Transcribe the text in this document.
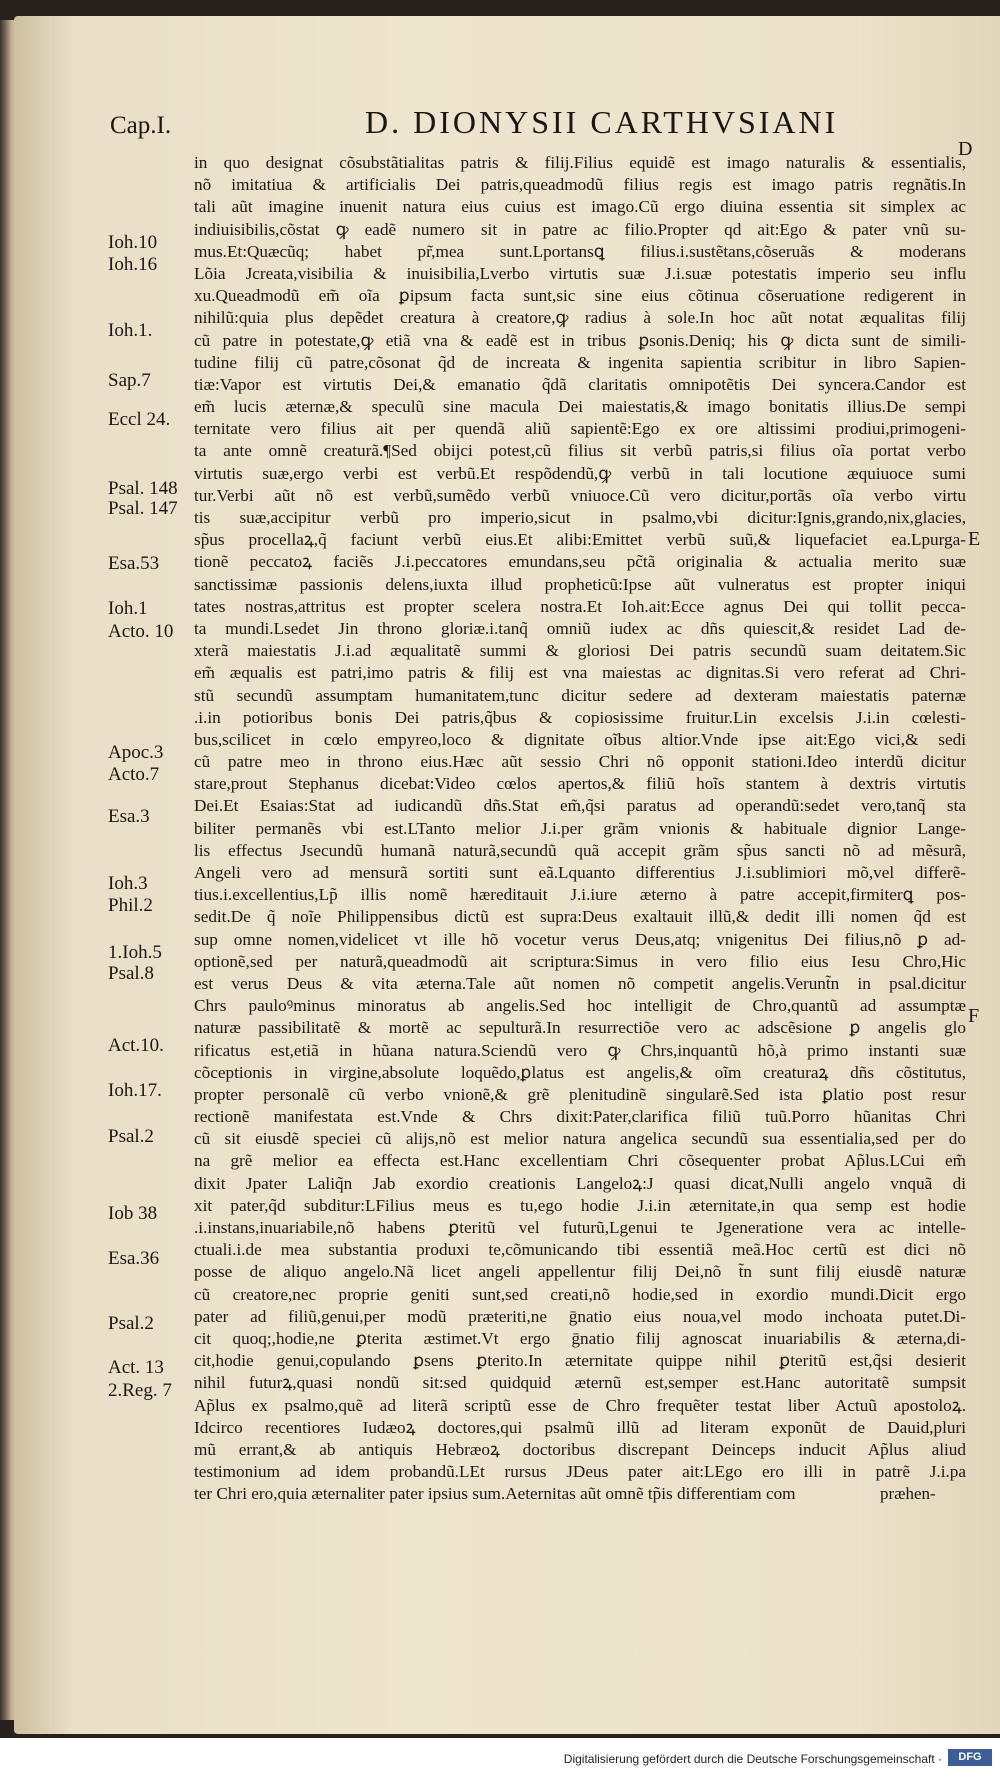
Cap.I.	D. DIONYSII CARTHVSIANI
D
E
F
Ioh.10
Ioh.16
Ioh.1.
Sap.7
Eccl 24.
Psal. 148
Psal. 147
Esa.53
Ioh.1
Acto. 10
Apoc.3
Acto.7
Esa.3
Ioh.3
Phil.2
1.Ioh.5
Psal.8
Act.10.
Ioh.17.
Psal.2
Iob 38
Esa.36
Psal.2
Act. 13
2.Reg. 7
in quo designat cõsubstãtialitas patris & filij.Filius equidẽ est imago naturalis & essentialis,
nõ imitatiua & artificialis Dei patris,queadmodũ filius regis est imago patris regnãtis.In
tali aũt imagine inuenit natura eius cuius est imago.Cũ ergo diuina essentia sit simplex ac
indiuisibilis,cõstat ꝙ eadẽ numero sit in patre ac filio.Propter qd ait:Ego & pater vnũ su-
mus.Et:Quæcũq; habet pr̃,mea sunt.Lportansꝗ filius.i.sustẽtans,cõseruãs & moderans
Lõia Jcreata,visibilia & inuisibilia,Lverbo virtutis suæ J.i.suæ potestatis imperio seu influ
xu.Queadmodũ em̃ oĩa ꝑipsum facta sunt,sic sine eius cõtinua cõseruatione redigerent in
nihilũ:quia plus depẽdet creatura à creatore,ꝙ radius à sole.In hoc aũt notat æqualitas filij
cũ patre in potestate,ꝙ etiã vna & eadẽ est in tribus ꝑsonis.Deniq; his ꝙ dicta sunt de simili-
tudine filij cũ patre,cõsonat q̃d de increata & ingenita sapientia scribitur in libro Sapien-
tiæ:Vapor est virtutis Dei,& emanatio q̃dã claritatis omnipotẽtis Dei syncera.Candor est
em̃ lucis æternæ,& speculũ sine macula Dei maiestatis,& imago bonitatis illius.De sempi
ternitate vero filius ait per quendã aliũ sapientẽ:Ego ex ore altissimi prodiui,primogeni-
ta ante omnẽ creaturã.¶Sed obijci potest,cũ filius sit verbũ patris,si filius oĩa portat verbo
virtutis suæ,ergo verbi est verbũ.Et respõdendũ,ꝙ verbũ in tali locutione æquiuoce sumi
tur.Verbi aũt nõ est verbũ,sumẽdo verbũ vniuoce.Cũ vero dicitur,portãs oĩa verbo virtu
tis suæ,accipitur verbũ pro imperio,sicut in psalmo,vbi dicitur:Ignis,grando,nix,glacies,
sp̃us procellaꝝ,q̃ faciunt verbũ eius.Et alibi:Emittet verbũ suũ,& liquefaciet ea.Lpurga-
tionẽ peccatoꝝ faciẽs J.i.peccatores emundans,seu pc̃tã originalia & actualia merito suæ
sanctissimæ passionis delens,iuxta illud propheticũ:Ipse aũt vulneratus est propter iniqui
tates nostras,attritus est propter scelera nostra.Et Ioh.ait:Ecce agnus Dei qui tollit pecca-
ta mundi.Lsedet Jin throno gloriæ.i.tanq̃ omniũ iudex ac dñs quiescit,& residet Lad de-
xterã maiestatis J.i.ad æqualitatẽ summi & gloriosi Dei patris secundũ suam deitatem.Sic
em̃ æqualis est patri,imo patris & filij est vna maiestas ac dignitas.Si vero referat ad Chri-
stũ secundũ assumptam humanitatem,tunc dicitur sedere ad dexteram maiestatis paternæ
.i.in potioribus bonis Dei patris,q̃bus & copiosissime fruitur.Lin excelsis J.i.in cœlesti-
bus,scilicet in cœlo empyreo,loco & dignitate oĩbus altior.Vnde ipse ait:Ego vici,& sedi
cũ patre meo in throno eius.Hæc aũt sessio Chri nõ opponit stationi.Ideo interdũ dicitur
stare,prout Stephanus dicebat:Video cœlos apertos,& filiũ hoĩs stantem à dextris virtutis
Dei.Et Esaias:Stat ad iudicandũ dñs.Stat em̃,q̃si paratus ad operandũ:sedet vero,tanq̃ sta
biliter permanẽs vbi est.LTanto melior J.i.per grãm vnionis & habituale dignior Lange-
lis effectus Jsecundũ humanã naturã,secundũ quã accepit grãm sp̃us sancti nõ ad mẽsurã,
Angeli vero ad mensurã sortiti sunt eã.Lquanto differentius J.i.sublimiori mõ,vel differẽ-
tius.i.excellentius,Lp̃ illis nomẽ hæreditauit J.i.iure æterno à patre accepit,firmiterꝗ pos-
sedit.De q̃ noĩe Philippensibus dictũ est supra:Deus exaltauit illũ,& dedit illi nomen q̃d est
sup omne nomen,videlicet vt ille hõ vocetur verus Deus,atq; vnigenitus Dei filius,nõ ꝑ ad-
optionẽ,sed per naturã,queadmodũ ait scriptura:Simus in vero filio eius Iesu Chro,Hic
est verus Deus & vita æterna.Tale aũt nomen nõ competit angelis.Verunt̃n in psal.dicitur
Chrs pauloꝰminus minoratus ab angelis.Sed hoc intelligit de Chro,quantũ ad assumptæ
naturæ passibilitatẽ & mortẽ ac sepulturã.In resurrectiõe vero ac adscẽsione ꝑ angelis glo
rificatus est,etiã in hũana natura.Sciendũ vero ꝙ Chrs,inquantũ hõ,à primo instanti suæ
cõceptionis in virgine,absolute loquẽdo,ꝑlatus est angelis,& oĩm creaturaꝝ dñs cõstitutus,
propter personalẽ cũ verbo vnionẽ,& grẽ plenitudinẽ singularẽ.Sed ista ꝑlatio post resur
rectionẽ manifestata est.Vnde & Chrs dixit:Pater,clarifica filiũ tuũ.Porro hũanitas Chri
cũ sit eiusdẽ speciei cũ alijs,nõ est melior natura angelica secundũ sua essentialia,sed per do
na grẽ melior ea effecta est.Hanc excellentiam Chri cõsequenter probat Ap̃lus.LCui em̃
dixit Jpater Laliq̃n Jab exordio creationis Langeloꝝ:J quasi dicat,Nulli angelo vnquã di
xit pater,q̃d subditur:LFilius meus es tu,ego hodie J.i.in æternitate,in qua semp est hodie
.i.instans,inuariabile,nõ habens ꝑteritũ vel futurũ,Lgenui te Jgeneratione vera ac intelle-
ctuali.i.de mea substantia produxi te,cõmunicando tibi essentiã meã.Hoc certũ est dici nõ
posse de aliquo angelo.Nã licet angeli appellentur filij Dei,nõ t̃n sunt filij eiusdẽ naturæ
cũ creatore,nec proprie geniti sunt,sed creati,nõ hodie,sed in exordio mundi.Dicit ergo
pater ad filiũ,genui,per modũ præteriti,ne ḡnatio eius noua,vel modo inchoata putet.Di-
cit quoq;,hodie,ne ꝑterita æstimet.Vt ergo ḡnatio filij agnoscat inuariabilis & æterna,di-
cit,hodie genui,copulando ꝑsens ꝑterito.In æternitate quippe nihil ꝑteritũ est,q̃si desierit
nihil futurꝝ,quasi nondũ sit:sed quidquid æternũ est,semper est.Hanc autoritatẽ sumpsit
Ap̃lus ex psalmo,quẽ ad literã scriptũ esse de Chro frequẽter testat liber Actuũ apostoloꝝ.
Idcirco recentiores Iudæoꝝ doctores,qui psalmũ illũ ad literam exponũt de Dauid,pluri
mũ errant,& ab antiquis Hebræoꝝ doctoribus discrepant Deinceps inducit Ap̃lus aliud
testimonium ad idem probandũ.LEt rursus JDeus pater ait:LEgo ero illi in patrẽ J.i.pa
ter Chri ero,quia æternaliter pater ipsius sum.Aeternitas aũt omnẽ tp̃is differentiam com	præhen-
Digitalisierung gefördert durch die Deutsche Forschungsgemeinschaft ·	DFG
